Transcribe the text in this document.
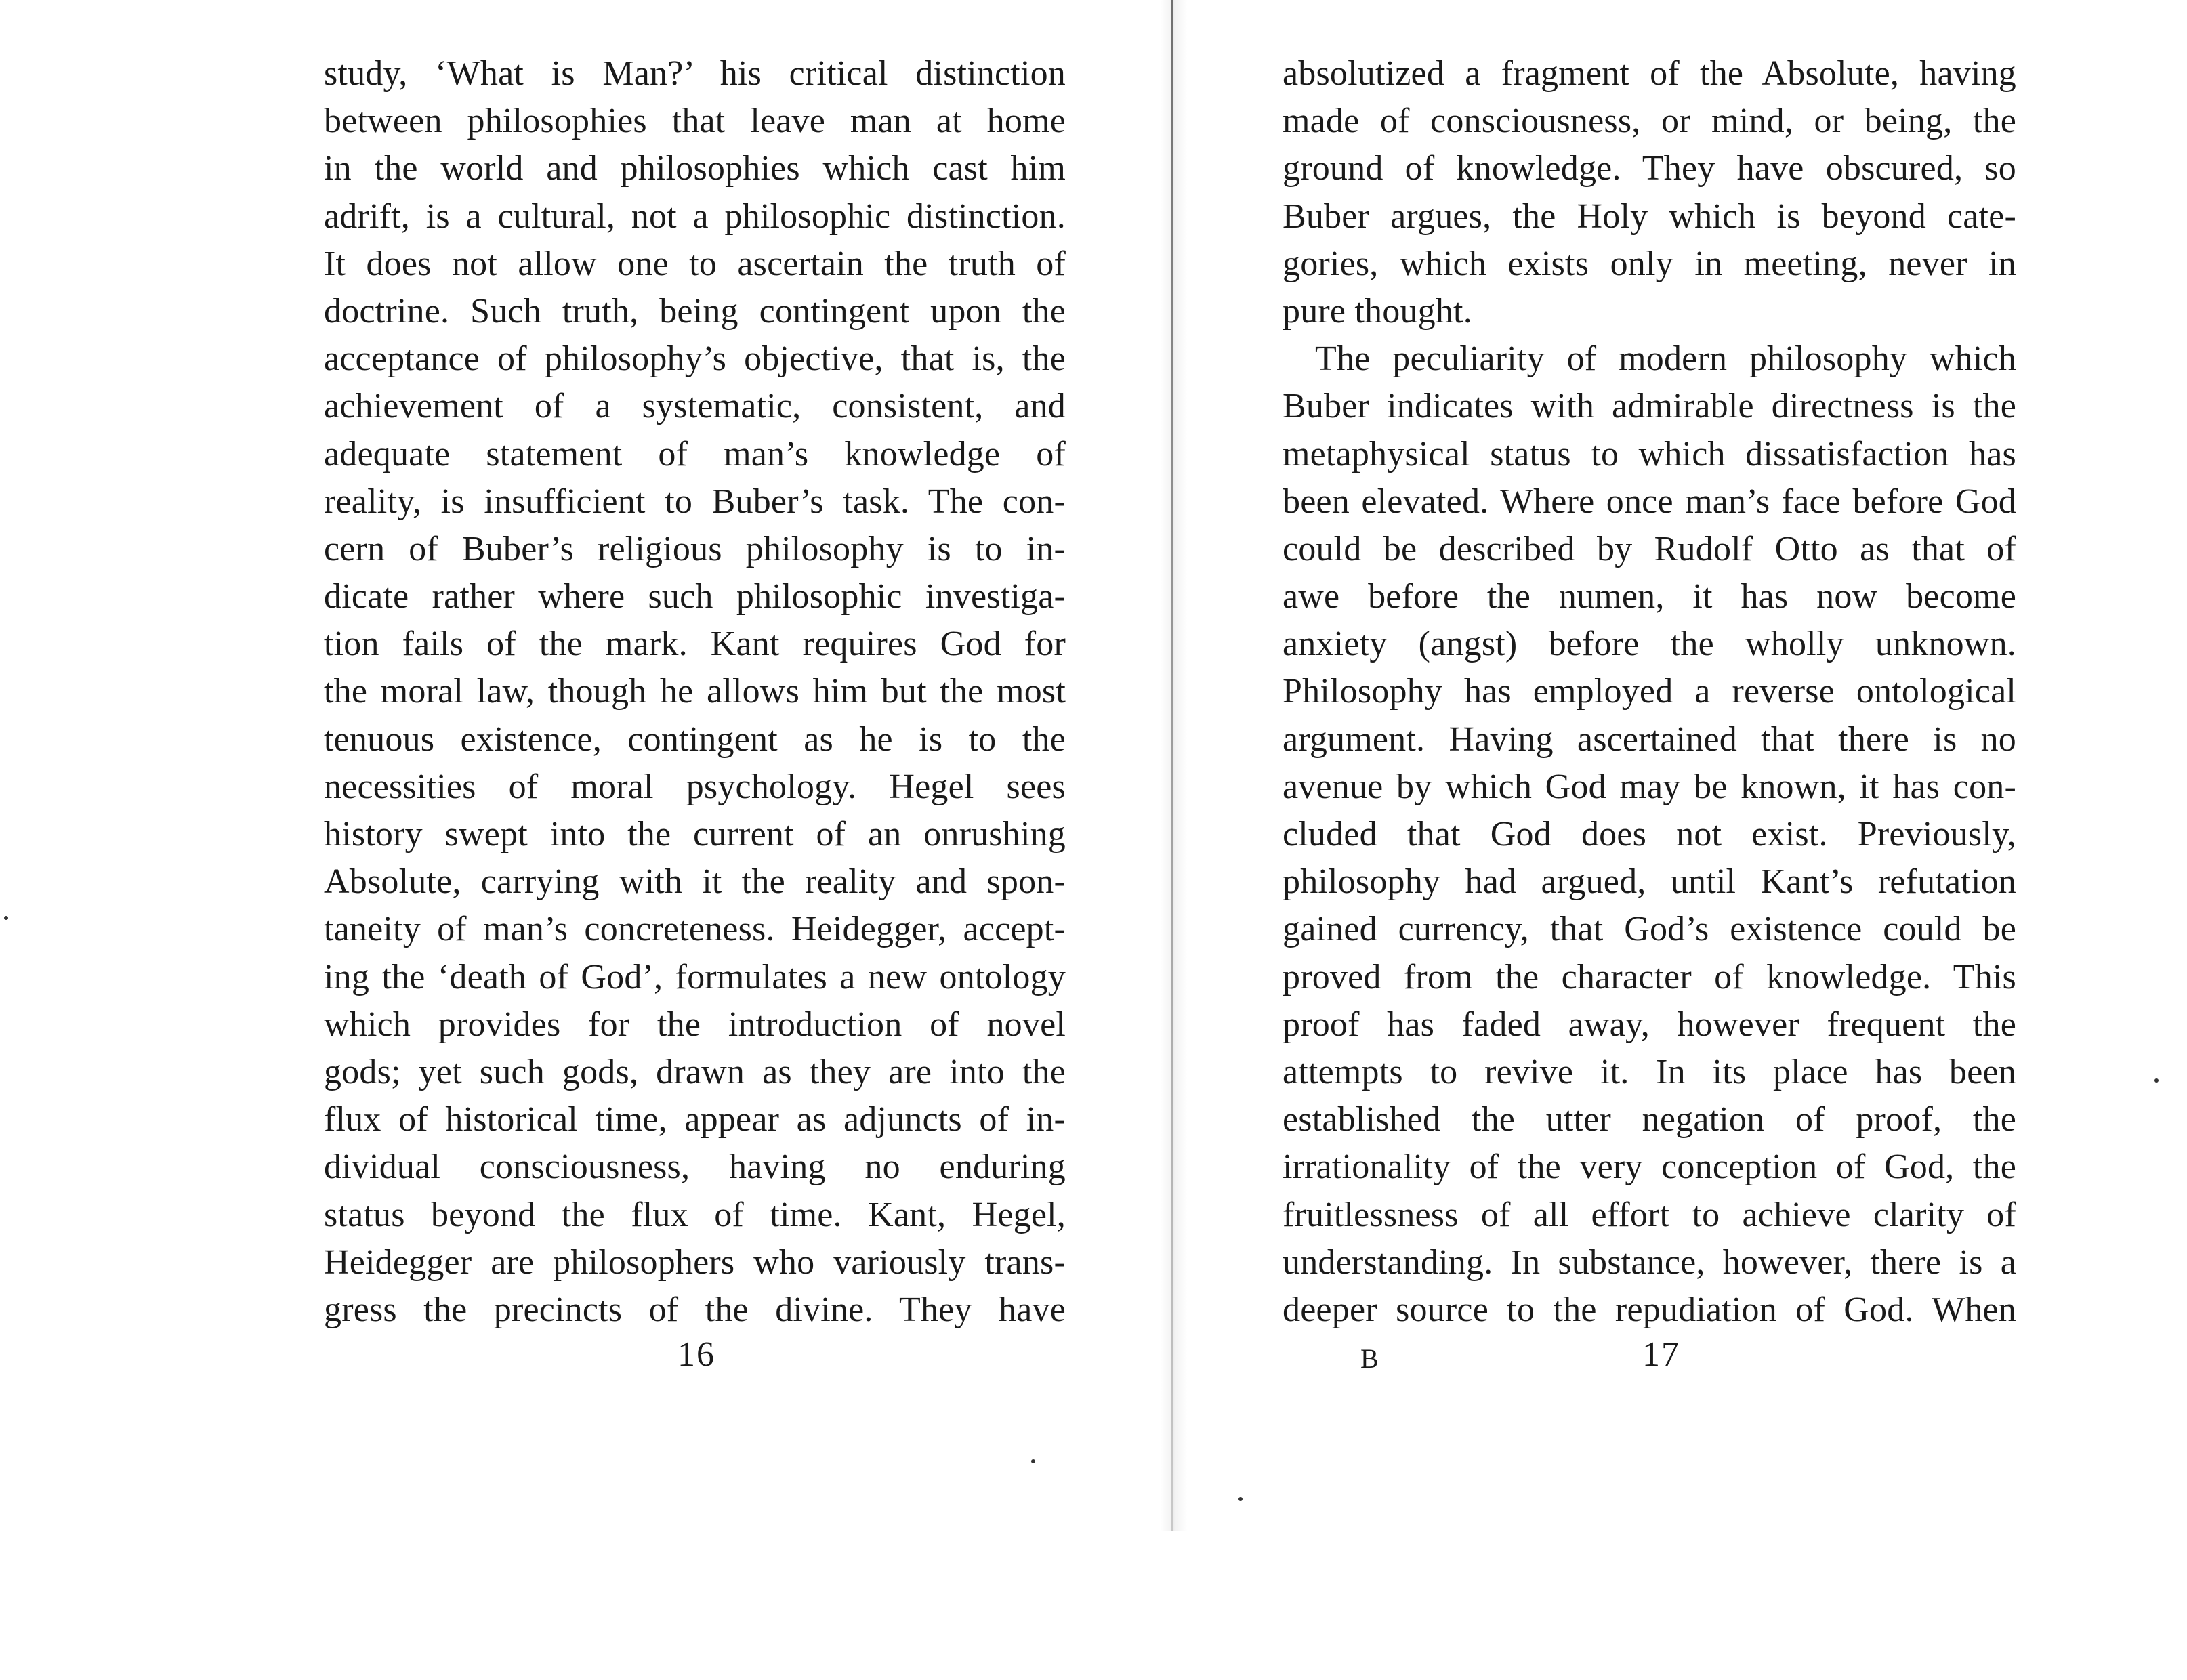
study, ‘What is Man?’ his critical distinction
between philosophies that leave man at home
in the world and philosophies which cast him
adrift, is a cultural, not a philosophic distinction.
It does not allow one to ascertain the truth of
doctrine. Such truth, being contingent upon the
acceptance of philosophy’s objective, that is, the
achievement of a systematic, consistent, and
adequate statement of man’s knowledge of
reality, is insufficient to Buber’s task. The con-
cern of Buber’s religious philosophy is to in-
dicate rather where such philosophic investiga-
tion fails of the mark. Kant requires God for
the moral law, though he allows him but the most
tenuous existence, contingent as he is to the
necessities of moral psychology. Hegel sees
history swept into the current of an onrushing
Absolute, carrying with it the reality and spon-
taneity of man’s concreteness. Heidegger, accept-
ing the ‘death of God’, formulates a new ontology
which provides for the introduction of novel
gods; yet such gods, drawn as they are into the
flux of historical time, appear as adjuncts of in-
dividual consciousness, having no enduring
status beyond the flux of time. Kant, Hegel,
Heidegger are philosophers who variously trans-
gress the precincts of the divine. They have
16
absolutized a fragment of the Absolute, having
made of consciousness, or mind, or being, the
ground of knowledge. They have obscured, so
Buber argues, the Holy which is beyond cate-
gories, which exists only in meeting, never in
pure thought.
The peculiarity of modern philosophy which
Buber indicates with admirable directness is the
metaphysical status to which dissatisfaction has
been elevated. Where once man’s face before God
could be described by Rudolf Otto as that of
awe before the numen, it has now become
anxiety (angst) before the wholly unknown.
Philosophy has employed a reverse ontological
argument. Having ascertained that there is no
avenue by which God may be known, it has con-
cluded that God does not exist. Previously,
philosophy had argued, until Kant’s refutation
gained currency, that God’s existence could be
proved from the character of knowledge. This
proof has faded away, however frequent the
attempts to revive it. In its place has been
established the utter negation of proof, the
irrationality of the very conception of God, the
fruitlessness of all effort to achieve clarity of
understanding. In substance, however, there is a
deeper source to the repudiation of God. When
B	17
